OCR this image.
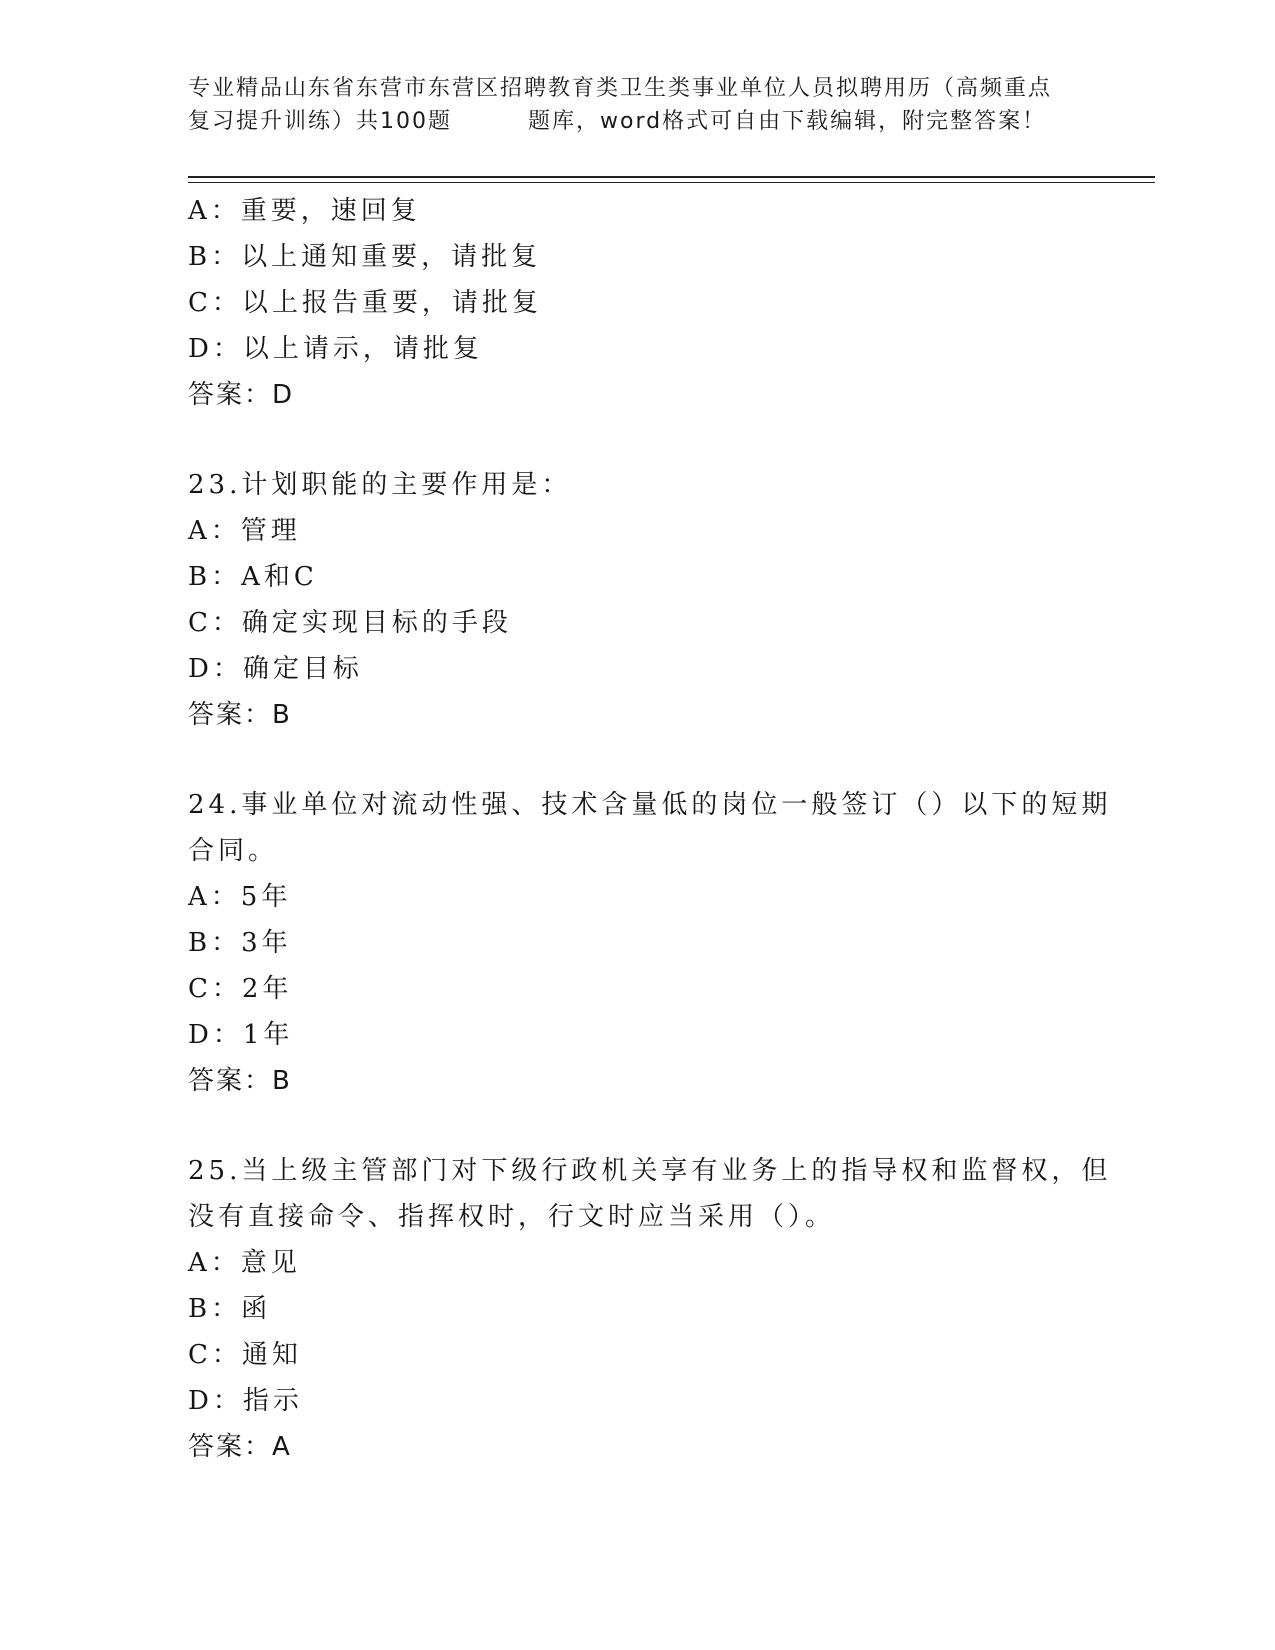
专业精品山东省东营市东营区招聘教育类卫生类事业单位人员拟聘用历（高频重点
复习提升训练）共100题	题库，word格式可自由下载编辑，附完整答案！
A：重要，速回复
B：以上通知重要，请批复
C：以上报告重要，请批复
D：以上请示，请批复
答案：D
23.计划职能的主要作用是：
A：管理
B：A和C
C：确定实现目标的手段
D：确定目标
答案：B
24.事业单位对流动性强、技术含量低的岗位一般签订（）以下的短期
合同。
A：5年
B：3年
C：2年
D：1年
答案：B
25.当上级主管部门对下级行政机关享有业务上的指导权和监督权，但
没有直接命令、指挥权时，行文时应当采用（）。
A：意见
B：函
C：通知
D：指示
答案：A
